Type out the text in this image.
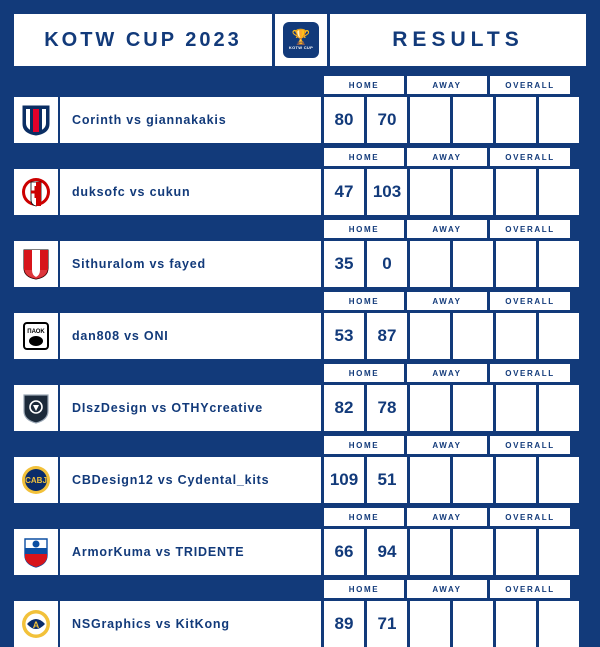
KOTW CUP 2023	🏆
KOTW CUP	RESULTS
HOME	AWAY	OVERALL
Corinth vs giannakakis	80	70
HOME	AWAY	OVERALL
duksofc vs cukun	47	103
HOME	AWAY	OVERALL
Sithuralom vs fayed	35	0
HOME	AWAY	OVERALL
ΠΑΟΚ	dan808 vs ONI	53	87
HOME	AWAY	OVERALL
DIszDesign vs OTHYcreative	82	78
HOME	AWAY	OVERALL
CABJ	CBDesign12 vs Cydental_kits	109	51
HOME	AWAY	OVERALL
ArmorKuma vs TRIDENTE	66	94
HOME	AWAY	OVERALL
A	NSGraphics vs KitKong	89	71
